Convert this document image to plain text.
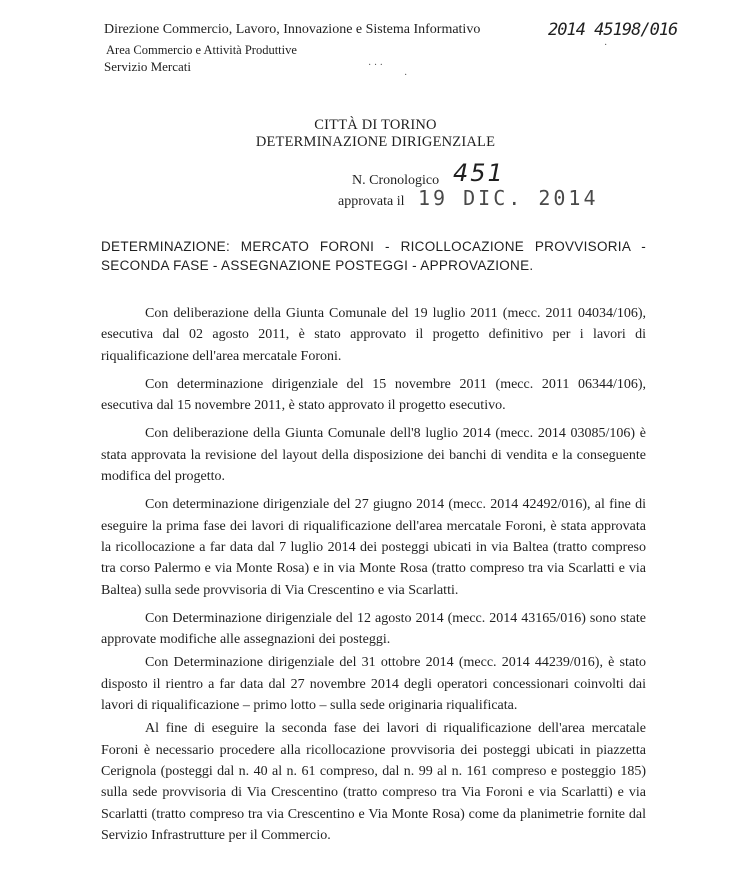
Direzione Commercio, Lavoro, Innovazione e Sistema Informativo
Area Commercio e Attività Produttive
Servizio Mercati
2014 45198/016
· · ·
·
·
CITTÀ DI TORINO
DETERMINAZIONE DIRIGENZIALE
N. Cronologico 451
approvata il 19 DIC. 2014
DETERMINAZIONE: MERCATO FORONI - RICOLLOCAZIONE PROVVISORIA - SECONDA FASE - ASSEGNAZIONE POSTEGGI - APPROVAZIONE.

Con deliberazione della Giunta Comunale del 19 luglio 2011 (mecc. 2011 04034/106), esecutiva dal 02 agosto 2011, è stato approvato il progetto definitivo per i lavori di riqualificazione dell'area mercatale Foroni.

Con determinazione dirigenziale del 15 novembre 2011 (mecc. 2011 06344/106), esecutiva dal 15 novembre 2011, è stato approvato il progetto esecutivo.

Con deliberazione della Giunta Comunale dell'8 luglio 2014 (mecc. 2014 03085/106) è stata approvata la revisione del layout della disposizione dei banchi di vendita e la conseguente modifica del progetto.

Con determinazione dirigenziale del 27 giugno 2014 (mecc. 2014 42492/016), al fine di eseguire la prima fase dei lavori di riqualificazione dell'area mercatale Foroni, è stata approvata la ricollocazione a far data dal 7 luglio 2014 dei posteggi ubicati in via Baltea (tratto compreso tra corso Palermo e via Monte Rosa) e in via Monte Rosa (tratto compreso tra via Scarlatti e via Baltea) sulla sede provvisoria di Via Crescentino e via Scarlatti.

Con Determinazione dirigenziale del 12 agosto 2014 (mecc. 2014 43165/016) sono state approvate modifiche alle assegnazioni dei posteggi.

Con Determinazione dirigenziale del 31 ottobre 2014 (mecc. 2014 44239/016), è stato disposto il rientro a far data dal 27 novembre 2014 degli operatori concessionari coinvolti dai lavori di riqualificazione – primo lotto – sulla sede originaria riqualificata.

Al fine di eseguire la seconda fase dei lavori di riqualificazione dell'area mercatale Foroni è necessario procedere alla ricollocazione provvisoria dei posteggi ubicati in piazzetta Cerignola (posteggi dal n. 40 al n. 61 compreso, dal n. 99 al n. 161 compreso e posteggio 185) sulla sede provvisoria di Via Crescentino (tratto compreso tra Via Foroni e via Scarlatti) e via Scarlatti (tratto compreso tra via Crescentino e Via Monte Rosa) come da planimetrie fornite dal Servizio Infrastrutture per il Commercio.
